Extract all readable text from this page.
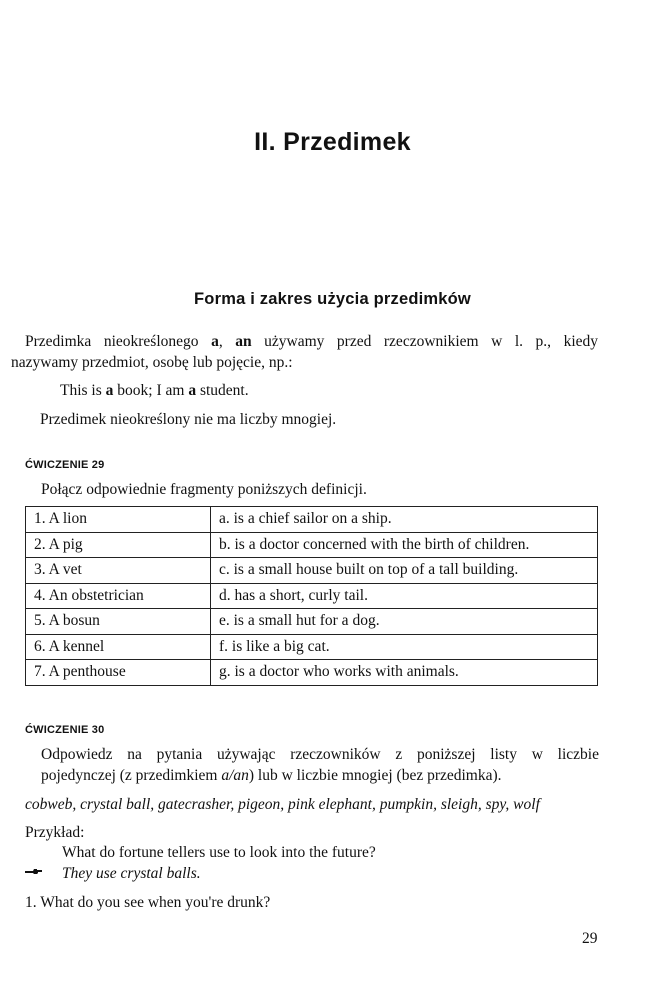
II. Przedimek
Forma i zakres użycia przedimków
Przedimka nieokreślonego a, an używamy przed rzeczownikiem w l. p., kiedy
nazywamy przedmiot, osobę lub pojęcie, np.:
This is a book; I am a student.
Przedimek nieokreślony nie ma liczby mnogiej.
ĆWICZENIE 29
Połącz odpowiednie fragmenty poniższych definicji.
1. A lion	a. is a chief sailor on a ship.
2. A pig	b. is a doctor concerned with the birth of children.
3. A vet	c. is a small house built on top of a tall building.
4. An obstetrician	d. has a short, curly tail.
5. A bosun	e. is a small hut for a dog.
6. A kennel	f. is like a big cat.
7. A penthouse	g. is a doctor who works with animals.
ĆWICZENIE 30
Odpowiedz na pytania używając rzeczowników z poniższej listy w liczbie
pojedynczej (z przedimkiem a/an) lub w liczbie mnogiej (bez przedimka).
cobweb, crystal ball, gatecrasher, pigeon, pink elephant, pumpkin, sleigh, spy, wolf
Przykład:
What do fortune tellers use to look into the future?
They use crystal balls.
1. What do you see when you're drunk?
29
